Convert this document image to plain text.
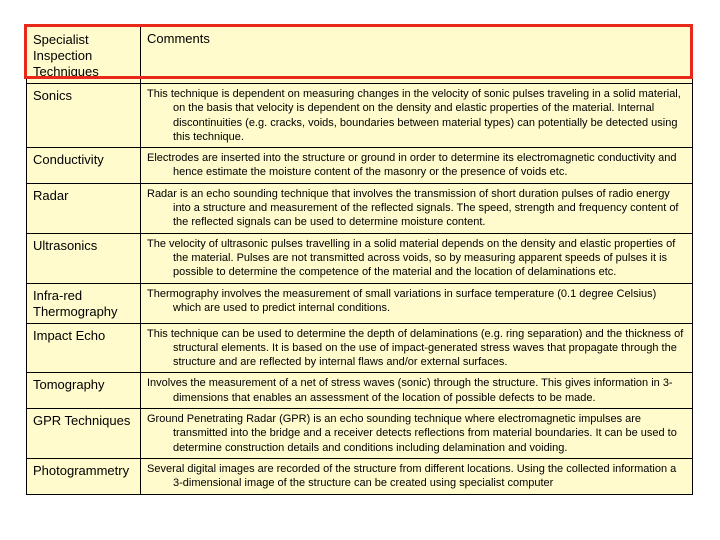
Specialist Inspection Techniques	Comments
Sonics	This technique is dependent on measuring changes in the velocity of sonic pulses traveling in a solid material, on the basis that velocity is dependent on the density and elastic properties of the material. Internal discontinuities (e.g. cracks, voids, boundaries between material types) can potentially be detected using this technique.

Conductivity	Electrodes are inserted into the structure or ground in order to determine its electromagnetic conductivity and hence estimate the moisture content of the masonry or the presence of voids etc.

Radar	Radar is an echo sounding technique that involves the transmission of short duration pulses of radio energy into a structure and measurement of the reflected signals. The speed, strength and frequency content of the reflected signals can be used to determine moisture content.

Ultrasonics	The velocity of ultrasonic pulses travelling in a solid material depends on the density and elastic properties of the material. Pulses are not transmitted across voids, so by measuring apparent speeds of pulses it is possible to determine the competence of the material and the location of delaminations etc.

Infra-red Thermography	Thermography involves the measurement of small variations in surface temperature (0.1 degree Celsius) which are used to predict internal conditions.

Impact Echo	This technique can be used to determine the depth of delaminations (e.g. ring separation) and the thickness of structural elements. It is based on the use of impact-generated stress waves that propagate through the structure and are reflected by internal flaws and/or external surfaces.

Tomography	Involves the measurement of a net of stress waves (sonic) through the structure. This gives information in 3-dimensions that enables an assessment of the location of possible defects to be made.

GPR Techniques	Ground Penetrating Radar (GPR) is an echo sounding technique where electromagnetic impulses are transmitted into the bridge and a receiver detects reflections from material boundaries. It can be used to determine construction details and conditions including delamination and voiding.

Photogrammetry	Several digital images are recorded of the structure from different locations. Using the collected information a 3-dimensional image of the structure can be created using specialist computer
